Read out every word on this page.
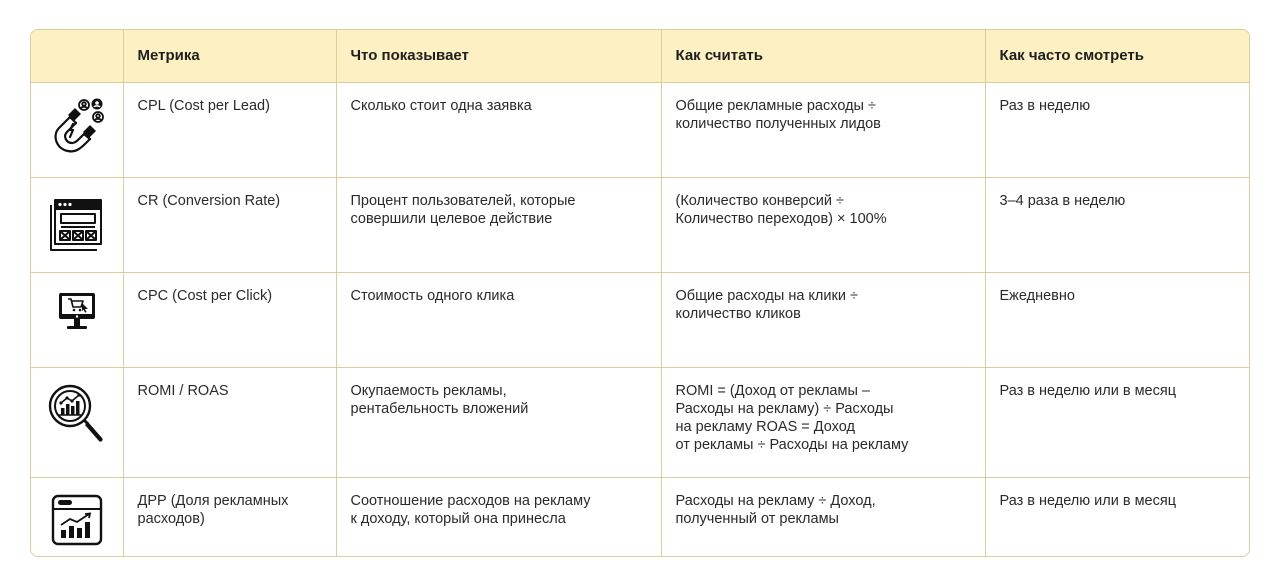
	Метрика	Что показывает	Как считать	Как часто смотреть

	CPL (Cost per Lead)	Сколько стоит одна заявка	Общие рекламные расходы ÷
количество полученных лидов	Раз в неделю

	CR (Conversion Rate)	Процент пользователей, которые
совершили целевое действие	(Количество конверсий ÷
Количество переходов) × 100%	3–4 раза в неделю

	CPC (Cost per Click)	Стоимость одного клика	Общие расходы на клики ÷
количество кликов	Ежедневно

	ROMI / ROAS	Окупаемость рекламы,
рентабельность вложений	ROMI = (Доход от рекламы –
Расходы на рекламу) ÷ Расходы
на рекламу ROAS = Доход
от рекламы ÷ Расходы на рекламу	Раз в неделю или в месяц

	ДРР (Доля рекламных
расходов)	Соотношение расходов на рекламу
к доходу, который она принесла	Расходы на рекламу ÷ Доход,
полученный от рекламы	Раз в неделю или в месяц
